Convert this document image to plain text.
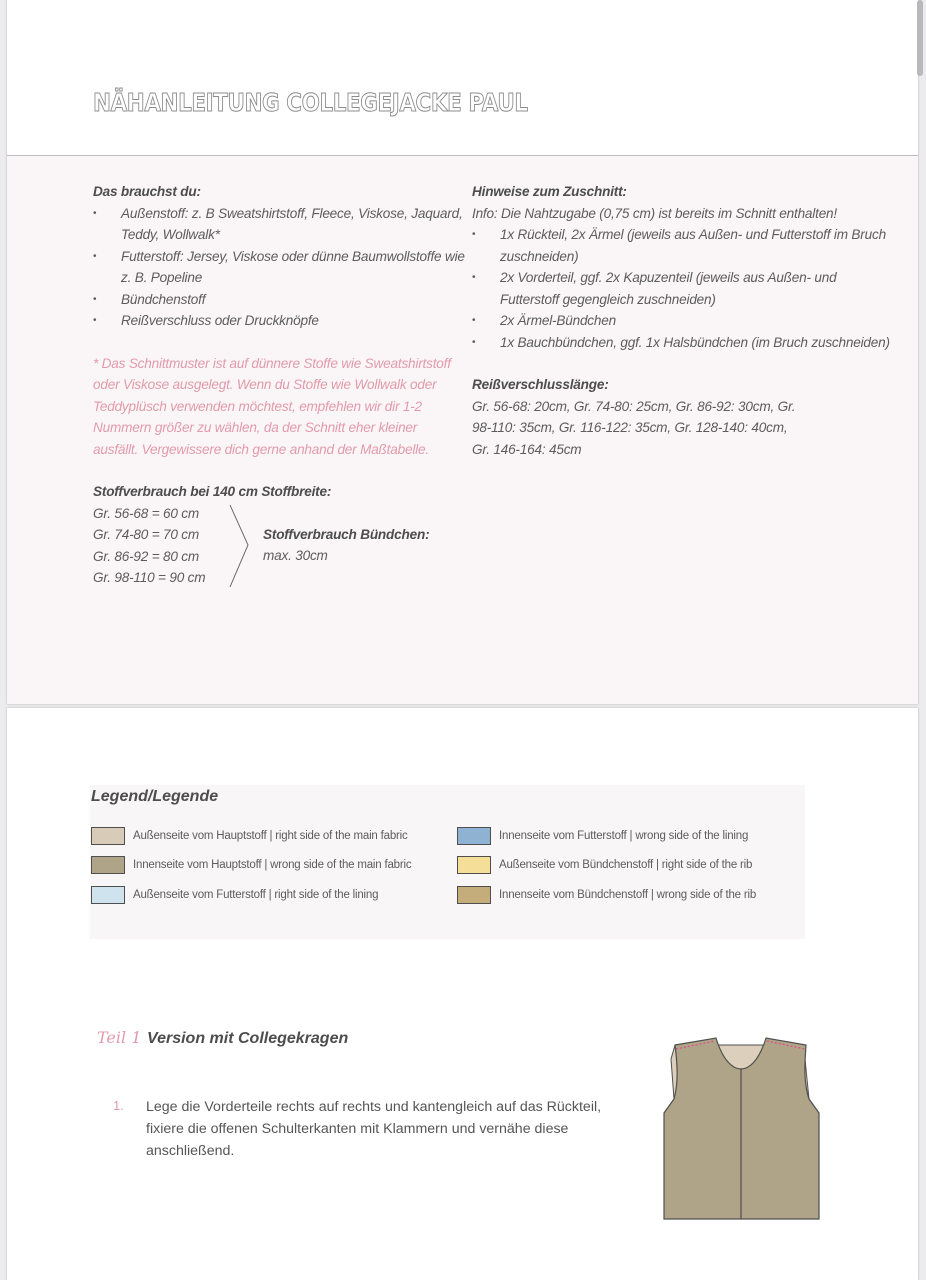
NÄHANLEITUNG COLLEGEJACKE PAUL
Das brauchst du:
• Außenstoff: z. B Sweatshirtstoff, Fleece, Viskose, Jaquard, Teddy, Wollwalk*
• Futterstoff: Jersey, Viskose oder dünne Baumwollstoffe wie z. B. Popeline
• Bündchenstoff
• Reißverschluss oder Druckknöpfe
* Das Schnittmuster ist auf dünnere Stoffe wie Sweatshirtstoff oder Viskose ausgelegt. Wenn du Stoffe wie Wollwalk oder Teddyplüsch verwenden möchtest, empfehlen wir dir 1-2 Nummern größer zu wählen, da der Schnitt eher kleiner ausfällt. Vergewissere dich gerne anhand der Maßtabelle.
Stoffverbrauch bei 140 cm Stoffbreite:
Gr. 56-68 = 60 cm
Gr. 74-80 = 70 cm
Gr. 86-92 = 80 cm
Gr. 98-110 = 90 cm
Stoffverbrauch Bündchen:
max. 30cm
Hinweise zum Zuschnitt:
Info: Die Nahtzugabe (0,75 cm) ist bereits im Schnitt enthalten!
• 1x Rückteil, 2x Ärmel (jeweils aus Außen- und Futterstoff im Bruch zuschneiden)
• 2x Vorderteil, ggf. 2x Kapuzenteil (jeweils aus Außen- und Futterstoff gegengleich zuschneiden)
• 2x Ärmel-Bündchen
• 1x Bauchbündchen, ggf. 1x Halsbündchen (im Bruch zuschneiden)
Reißverschlusslänge:
Gr. 56-68: 20cm, Gr. 74-80: 25cm, Gr. 86-92: 30cm, Gr. 98-110: 35cm, Gr. 116-122: 35cm, Gr. 128-140: 40cm, Gr. 146-164: 45cm
Legend/Legende
Außenseite vom Hauptstoff | right side of the main fabric
Innenseite vom Hauptstoff | wrong side of the main fabric
Außenseite vom Futterstoff | right side of the lining
Innenseite vom Futterstoff | wrong side of the lining
Außenseite vom Bündchenstoff | right side of the rib
Innenseite vom Bündchenstoff | wrong side of the rib
Teil 1 Version mit Collegekragen
1. Lege die Vorderteile rechts auf rechts und kantengleich auf das Rückteil, fixiere die offenen Schulterkanten mit Klammern und vernähe diese anschließend.
